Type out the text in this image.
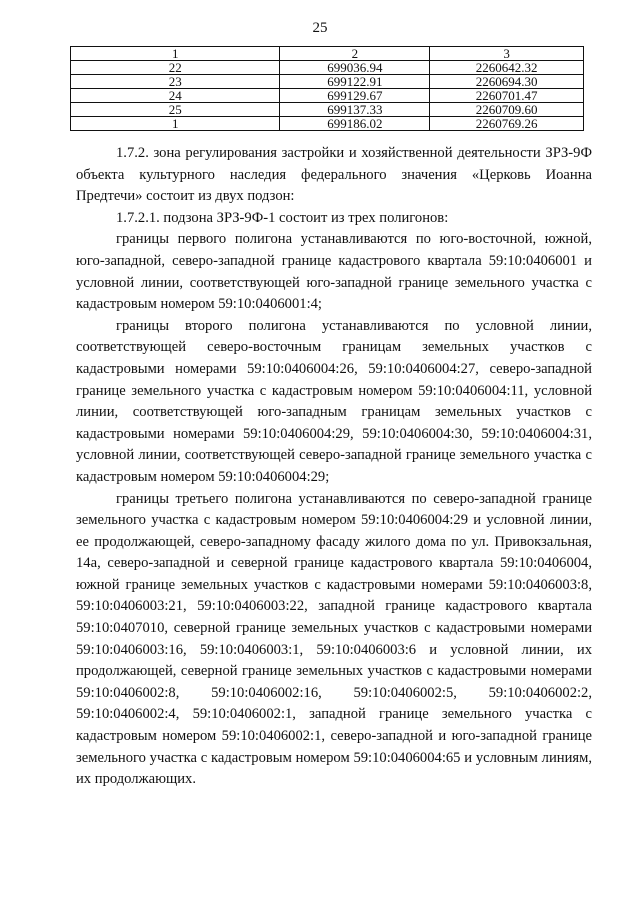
25
1	2	3
22	699036.94	2260642.32
23	699122.91	2260694.30
24	699129.67	2260701.47
25	699137.33	2260709.60
1	699186.02	2260769.26

1.7.2. зона регулирования застройки и хозяйственной деятельности ЗРЗ-9Ф объекта культурного наследия федерального значения «Церковь Иоанна Предтечи» состоит из двух подзон:

1.7.2.1. подзона ЗРЗ-9Ф-1 состоит из трех полигонов:

границы первого полигона устанавливаются по юго-восточной, южной, юго-западной, северо-западной границе кадастрового квартала 59:10:0406001 и условной линии, соответствующей юго-западной границе земельного участка с кадастровым номером 59:10:0406001:4;

границы второго полигона устанавливаются по условной линии, соответствующей северо-восточным границам земельных участков с кадастровыми номерами 59:10:0406004:26, 59:10:0406004:27, северо-западной границе земельного участка с кадастровым номером 59:10:0406004:11, условной линии, соответствующей юго-западным границам земельных участков с кадастровыми номерами 59:10:0406004:29, 59:10:0406004:30, 59:10:0406004:31, условной линии, соответствующей северо-западной границе земельного участка с кадастровым номером 59:10:0406004:29;

границы третьего полигона устанавливаются по северо-западной границе земельного участка с кадастровым номером 59:10:0406004:29 и условной линии, ее продолжающей, северо-западному фасаду жилого дома по ул. Привокзальная, 14а, северо-западной и северной границе кадастрового квартала 59:10:0406004, южной границе земельных участков с кадастровыми номерами 59:10:0406003:8, 59:10:0406003:21, 59:10:0406003:22, западной границе кадастрового квартала 59:10:0407010, северной границе земельных участков с кадастровыми номерами 59:10:0406003:16, 59:10:0406003:1, 59:10:0406003:6 и условной линии, их продолжающей, северной границе земельных участков с кадастровыми номерами 59:10:0406002:8, 59:10:0406002:16, 59:10:0406002:5, 59:10:0406002:2, 59:10:0406002:4, 59:10:0406002:1, западной границе земельного участка с кадастровым номером 59:10:0406002:1, северо-западной и юго-западной границе земельного участка с кадастровым номером 59:10:0406004:65 и условным линиям, их продолжающих.
